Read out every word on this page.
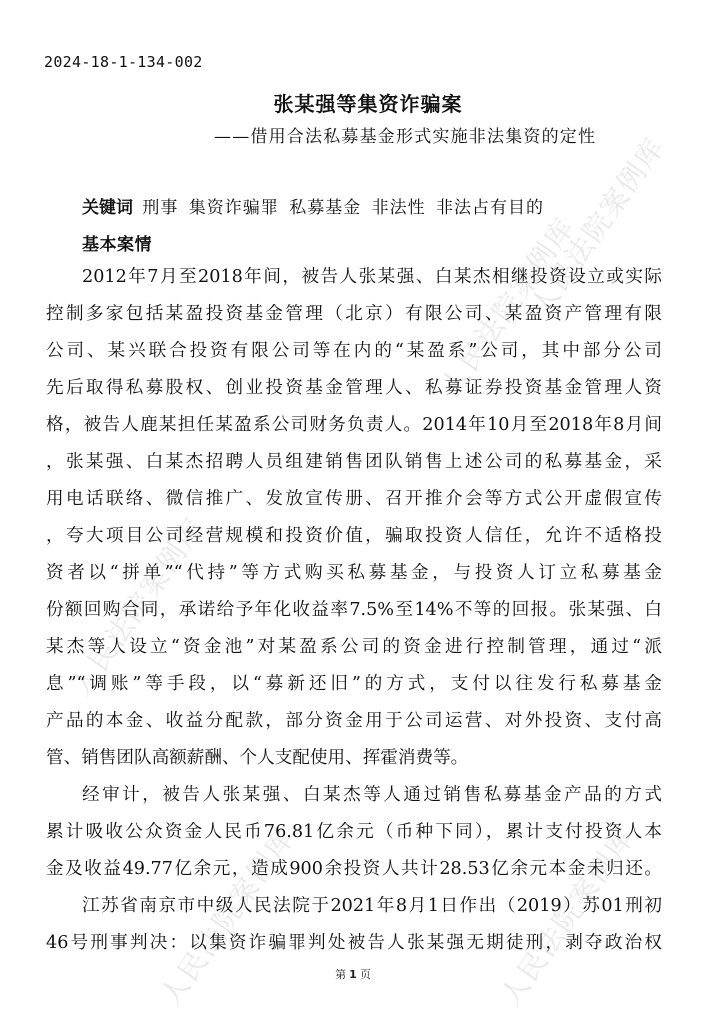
人民法院案例库
人民法院案例库
人民法院案例库
人民法院案例库	人民法院案例库
2024-18-1-134-002
张某强等集资诈骗案
——借用合法私募基金形式实施非法集资的定性
关键词 刑事 集资诈骗罪 私募基金 非法性 非法占有目的
基本案情
2012年7月至2018年间，被告人张某强、白某杰相继投资设立或实际
控制多家包括某盈投资基金管理（北京）有限公司、某盈资产管理有限
公司、某兴联合投资有限公司等在内的“某盈系”公司，其中部分公司
先后取得私募股权、创业投资基金管理人、私募证券投资基金管理人资
格，被告人鹿某担任某盈系公司财务负责人。2014年10月至2018年8月间
，张某强、白某杰招聘人员组建销售团队销售上述公司的私募基金，采
用电话联络、微信推广、发放宣传册、召开推介会等方式公开虚假宣传
，夸大项目公司经营规模和投资价值，骗取投资人信任，允许不适格投
资者以“拼单”“代持”等方式购买私募基金，与投资人订立私募基金
份额回购合同，承诺给予年化收益率7.5%至14%不等的回报。张某强、白
某杰等人设立“资金池”对某盈系公司的资金进行控制管理，通过“派
息”“调账”等手段，以“募新还旧”的方式，支付以往发行私募基金
产品的本金、收益分配款，部分资金用于公司运营、对外投资、支付高
管、销售团队高额薪酬、个人支配使用、挥霍消费等。
经审计，被告人张某强、白某杰等人通过销售私募基金产品的方式
累计吸收公众资金人民币76.81亿余元（币种下同），累计支付投资人本
金及收益49.77亿余元，造成900余投资人共计28.53亿余元本金未归还。
江苏省南京市中级人民法院于2021年8月1日作出（2019）苏01刑初
46号刑事判决：以集资诈骗罪判处被告人张某强无期徒刑，剥夺政治权
第 1 页
